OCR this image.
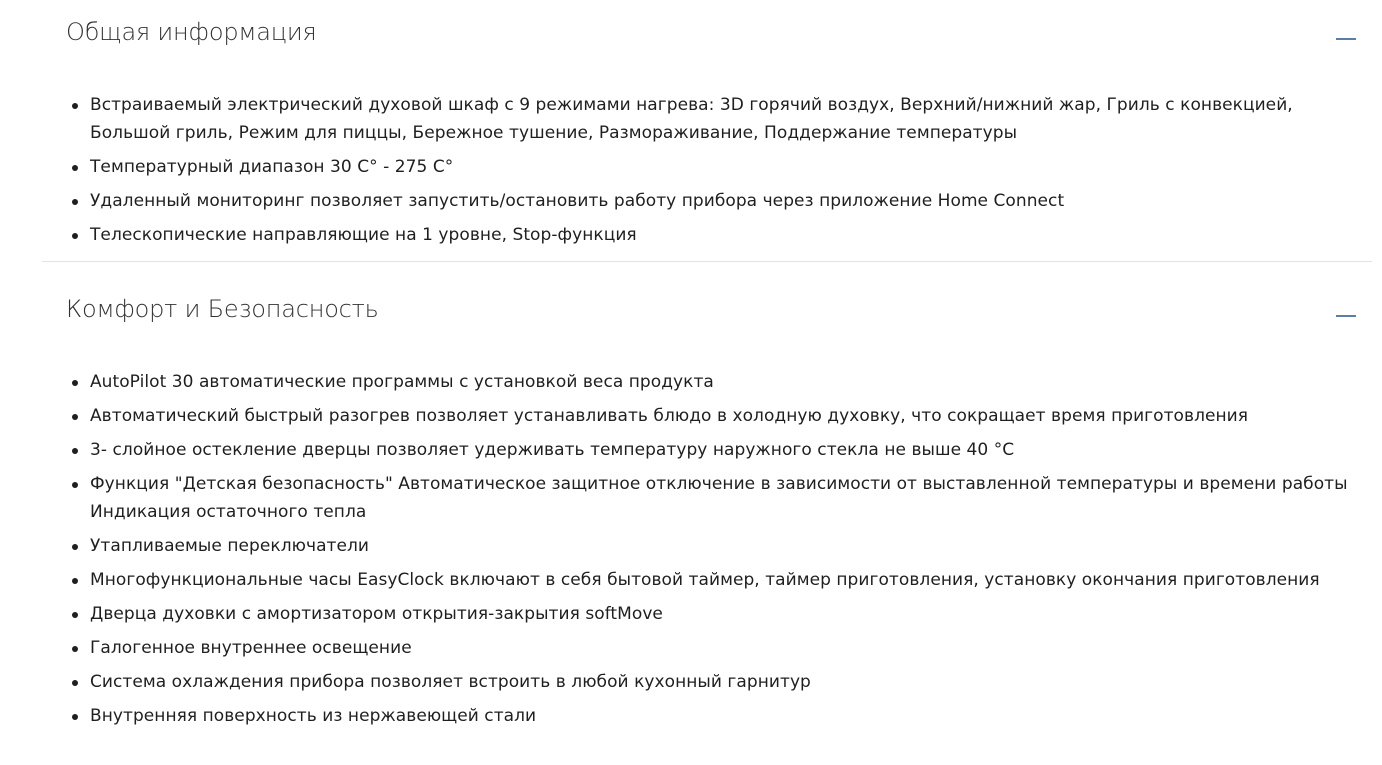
Общая информация
Встраиваемый электрический духовой шкаф с 9 режимами нагрева: 3D горячий воздух, Верхний/нижний жар, Гриль с конвекцией, Большой гриль, Режим для пиццы, Бережное тушение, Размораживание, Поддержание температуры
Температурный диапазон 30 C° - 275 C°
Удаленный мониторинг позволяет запустить/остановить работу прибора через приложение Home Connect
Телескопические направляющие на 1 уровне, Stop-функция
Комфорт и Безопасность
AutoPilot 30 автоматические программы с установкой веса продукта
Автоматический быстрый разогрев позволяет устанавливать блюдо в холодную духовку, что сокращает время приготовления
3- слойное остекление дверцы позволяет удерживать температуру наружного стекла не выше 40 °C
Функция "Детская безопасность" Автоматическое защитное отключение в зависимости от выставленной температуры и времени работы Индикация остаточного тепла
Утапливаемые переключатели
Многофункциональные часы EasyClock включают в себя бытовой таймер, таймер приготовления, установку окончания приготовления
Дверца духовки с амортизатором открытия-закрытия softMove
Галогенное внутреннее освещение
Система охлаждения прибора позволяет встроить в любой кухонный гарнитур
Внутренняя поверхность из нержавеющей стали
